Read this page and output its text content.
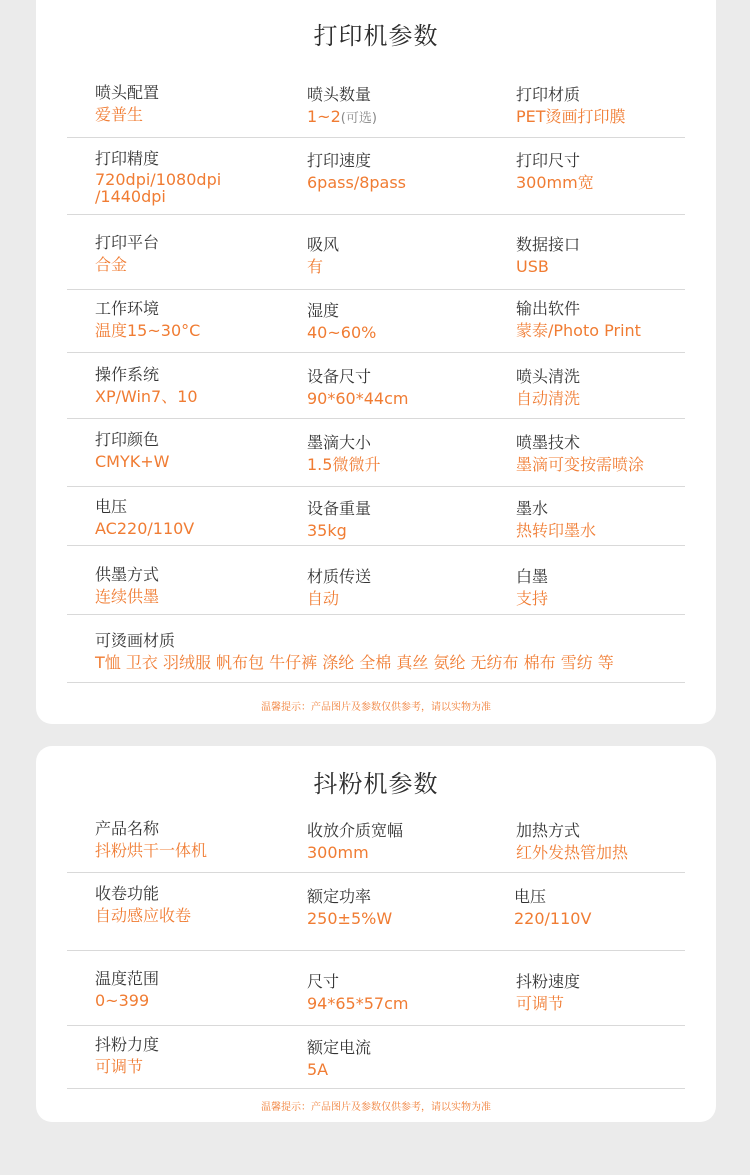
打印机参数
喷头配置
爱普生
喷头数量
1~2(可选)
打印材质
PET烫画打印膜
打印精度
720dpi/1080dpi /1440dpi
打印速度
6pass/8pass
打印尺寸
300mm宽
打印平台
合金
吸风
有
数据接口
USB
工作环境
温度15~30°C
湿度
40~60%
输出软件
蒙泰/Photo Print
操作系统
XP/Win7、10
设备尺寸
90*60*44cm
喷头清洗
自动清洗
打印颜色
CMYK+W
墨滴大小
1.5微微升
喷墨技术
墨滴可变按需喷涂
电压
AC220/110V
设备重量
35kg
墨水
热转印墨水
供墨方式
连续供墨
材质传送
自动
白墨
支持
可烫画材质
T恤 卫衣 羽绒服 帆布包 牛仔裤 涤纶 全棉 真丝 氨纶 无纺布 棉布 雪纺 等
温馨提示：产品图片及参数仅供参考，请以实物为准
抖粉机参数
产品名称
抖粉烘干一体机
收放介质宽幅
300mm
加热方式
红外发热管加热
收卷功能
自动感应收卷
额定功率
250±5%W
电压
220/110V
温度范围
0~399
尺寸
94*65*57cm
抖粉速度
可调节
抖粉力度
可调节
额定电流
5A
温馨提示：产品图片及参数仅供参考，请以实物为准
